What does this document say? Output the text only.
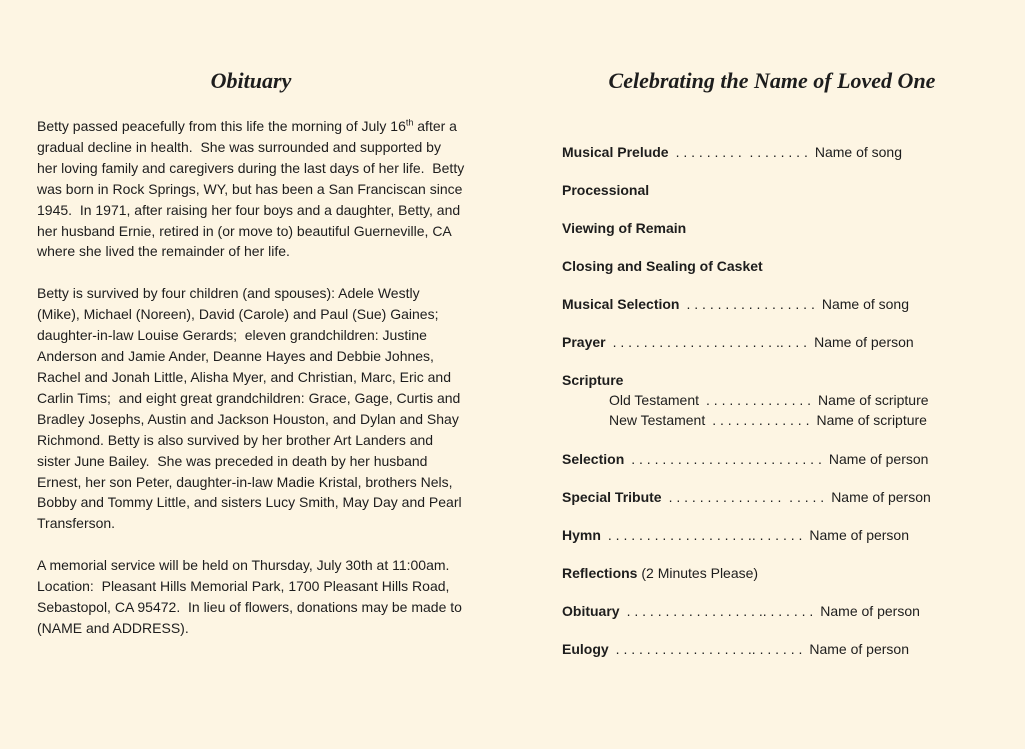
Obituary

Betty passed peacefully from this life the morning of July 16th after a gradual decline in health.  She was surrounded and supported by her loving family and caregivers during the last days of her life.  Betty was born in Rock Springs, WY, but has been a San Franciscan since 1945.  In 1971, after raising her four boys and a daughter, Betty, and her husband Ernie, retired in (or move to) beautiful Guerneville, CA where she lived the remainder of her life.

Betty is survived by four children (and spouses): Adele Westly (Mike), Michael (Noreen), David (Carole) and Paul (Sue) Gaines;  daughter-in-law Louise Gerards;  eleven grandchildren: Justine Anderson and Jamie Ander, Deanne Hayes and Debbie Johnes, Rachel and Jonah Little, Alisha Myer, and Christian, Marc, Eric and Carlin Tims;  and eight great grandchildren: Grace, Gage, Curtis and Bradley Josephs, Austin and Jackson Houston, and Dylan and Shay Richmond. Betty is also survived by her brother Art Landers and sister June Bailey.  She was preceded in death by her husband Ernest, her son Peter, daughter-in-law Madie Kristal, brothers Nels, Bobby and Tommy Little, and sisters Lucy Smith, May Day and Pearl Transferson.

A memorial service will be held on Thursday, July 30th at 11:00am.  Location:  Pleasant Hills Memorial Park, 1700 Pleasant Hills Road, Sebastopol, CA 95472.  In lieu of flowers, donations may be made to (NAME and ADDRESS).

Celebrating the Name of Loved One
Musical Prelude . . . . . . . . .  . . . . . . . . Name of song
Processional
Viewing of Remain
Closing and Sealing of Casket
Musical Selection . . . . . . . . . . . . . . . . . Name of song
Prayer . . . . . . . . . . . . . . . . . . . . . .. . . . Name of person
Scripture
Old Testament . . . . . . . . . . . . . . Name of scripture
New Testament . . . . . . . . . . . . . Name of scripture
Selection . . . . . . . . . . . . . . . . . . . . . . . . . Name of person
Special Tribute . . . . . . . . . . . . . . .  . . . . . Name of person
Hymn . . . . . . . . . . . . . . . . . . .. . . . . . . Name of person
Reflections (2 Minutes Please)
Obituary . . . . . . . . . . . . . . . . . .. . . . . . . Name of person
Eulogy . . . . . . . . . . . . . . . . . .. . . . . . . Name of person
